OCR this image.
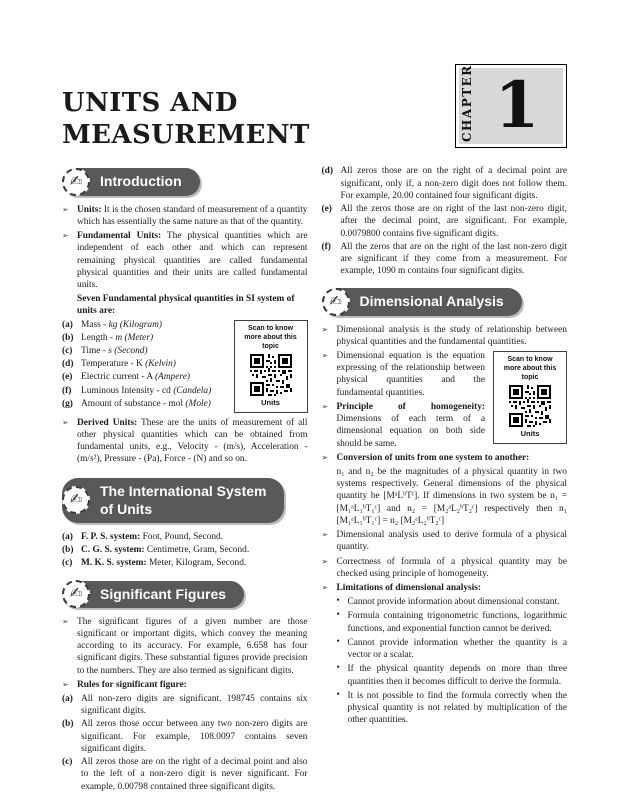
UNITS AND
MEASUREMENT	CHAPTER 1
✍	Introduction
➢ Units: It is the chosen standard of measurement of a quantity which has essentially the same nature as that of the quantity.
➢ Fundamental Units: The physical quantities which are independent of each other and which can represent remaining physical quantities are called fundamental physical quantities and their units are called fundamental units.
Seven Fundamental physical quantities in SI system of units are:
Scan to know more about this topic
Units
(a) Mass - kg (Kilogram)
(b) Length - m (Meter)
(c) Time - s (Second)
(d) Temperature - K (Kelvin)
(e) Electric current - A (Ampere)
(f) Luminous Intensity - cd (Candela)
(g) Amount of substance - mol (Mole)
➢ Derived Units: These are the units of measurement of all other physical quantities which can be obtained from fundamental units, e.g., Velocity - (m/s), Acceleration - (m/s²), Pressure - (Pa), Force - (N) and so on.
✍	The International System
of Units
(a) F. P. S. system: Foot, Pound, Second.
(b) C. G. S. system: Centimetre, Gram, Second.
(c) M. K. S. system: Meter, Kilogram, Second.
✍	Significant Figures
➢ The significant figures of a given number are those significant or important digits, which convey the meaning according to its accuracy. For example, 6.658 has four significant digits. These substantial figures provide precision to the numbers. They are also termed as significant digits.
➢ Rules for significant figure:
(a) All non-zero digits are significant. 198745 contains six significant digits.
(b) All zeros those occur between any two non-zero digits are significant. For example, 108.0097 contains seven significant digits.
(c) All zeros those are on the right of a decimal point and also to the left of a non-zero digit is never significant. For example, 0.00798 contained three significant digits.
(d) All zeros those are on the right of a decimal point are significant, only if, a non-zero digit does not follow them. For example, 20.00 contained four significant digits.
(e) All the zeros those are on right of the last non-zero digit, after the decimal point, are significant. For example, 0.0079800 contains five significant digits.
(f) All the zeros that are on the right of the last non-zero digit are significant if they come from a measurement. For example, 1090 m contains four significant digits.
✍	Dimensional Analysis
➢ Dimensional analysis is the study of relationship between physical quantities and the fundamental quantities.
Scan to know more about this topic
Units
➢ Dimensional equation is the equation expressing of the relationship between physical quantities and the fundamental quantities.
➢ Principle of homogeneity: Dimensions of each term of a dimensional equation on both side should be same.
➢ Conversion of units from one system to another:
n₁ and n₂ be the magnitudes of a physical quantity in two systems respectively. General dimensions of the physical quantity be [MᵃLᵇTᶜ]. If dimensions in two system be n₁ = [M₁ᵃL₁ᵇT₁ᶜ] and n₂ = [M₂ᵃL₂ᵇT₂ᶜ] respectively then n₁ [M₁ᵃL₁ᵇT₁ᶜ] = n₂ [M₂ᵃL₂ᵇT₂ᶜ]
➢ Dimensional analysis used to derive formula of a physical quantity.
➢ Correctness of formula of a physical quantity may be checked using principle of homogeneity.
➢ Limitations of dimensional analysis:
• Cannot provide information about dimensional constant.
• Formula containing trigonometric functions, logarithmic functions, and exponential function cannot be derived.
• Cannot provide information whether the quantity is a vector or a scalar.
• If the physical quantity depends on more than three quantities then it becomes difficult to derive the formula.
• It is not possible to find the formula correctly when the physical quantity is not related by multiplication of the other quantities.
